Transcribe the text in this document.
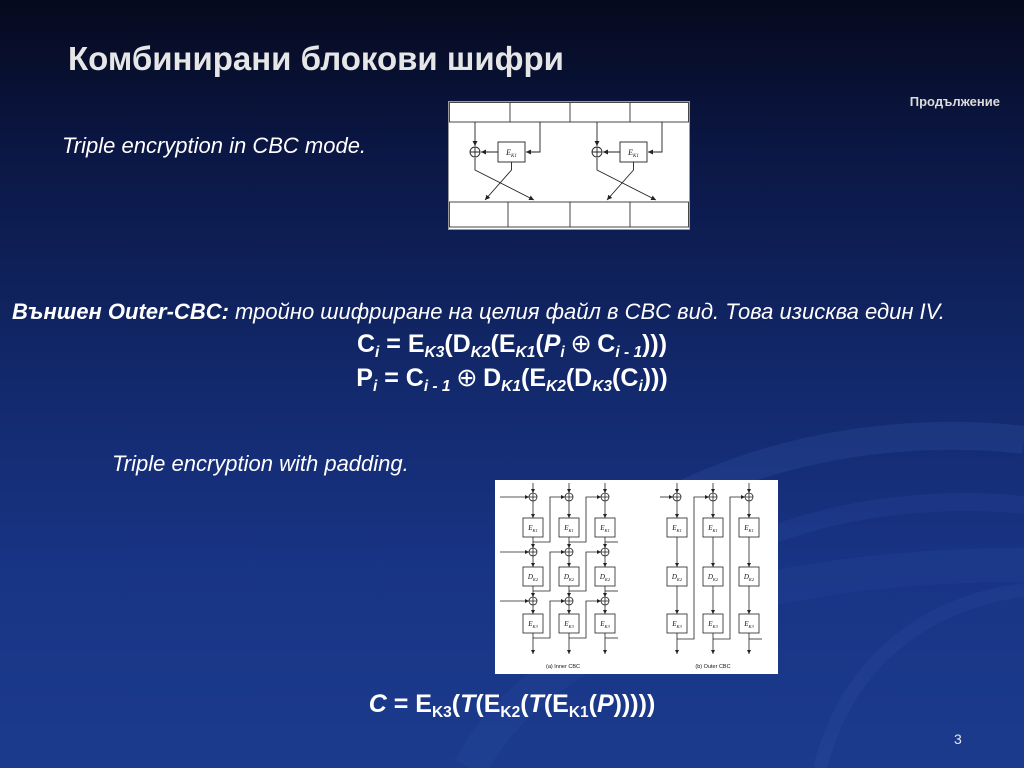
Комбинирани блокови шифри
Продължение
Triple encryption in CBC mode.	$E_{K1}$	$E_{K1}$
Външен Outer-CBC: тройно шифриране на целия файл в CBC вид. Това изисква един IV.
Ci = EK3(DK2(EK1(Pi ⊕ Ci - 1)))
Pi = Ci - 1 ⊕ DK1(EK2(DK3(Ci)))
Triple encryption with padding.
(a) Inner CBC	(b) Outer CBC
$E_{K1}$
$D_{K2}$
$E_{K3}$
$E_{K1}$
$D_{K2}$
$E_{K3}$
$E_{K1}$
$D_{K2}$
$E_{K3}$
$E_{K1}$
$D_{K2}$
$E_{K3}$
$E_{K1}$
$D_{K2}$
$E_{K3}$
$E_{K1}$
$D_{K2}$
$E_{K3}$
C = EK3(T(EK2(T(EK1(P)))))
3
